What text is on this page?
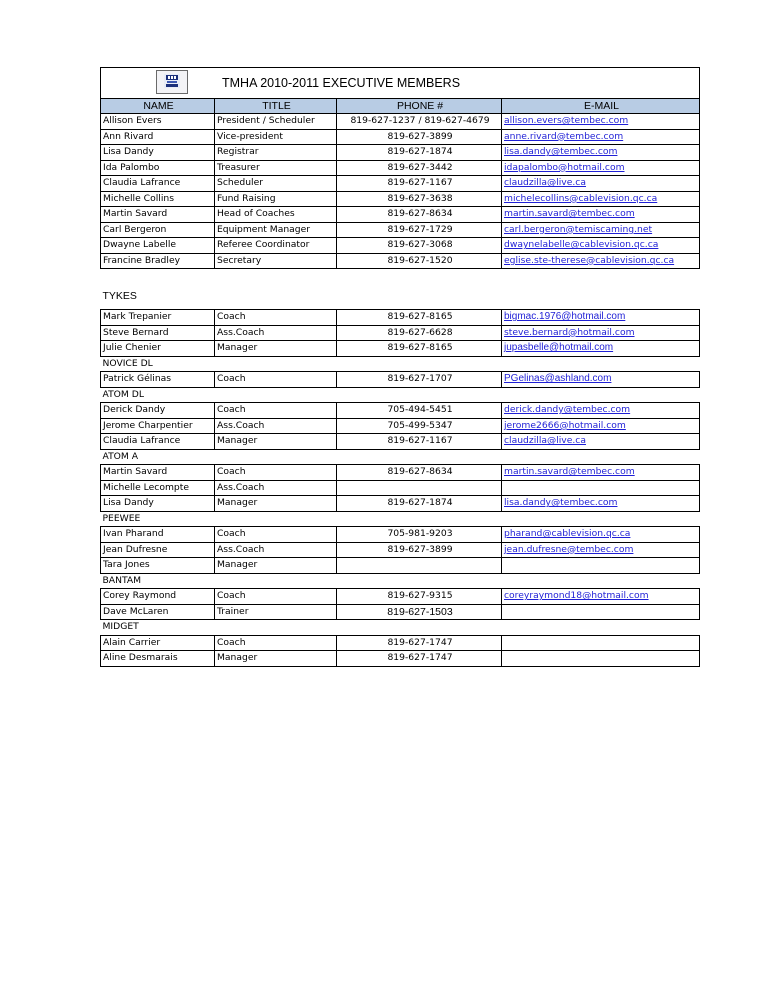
TMHA 2010-2011 EXECUTIVE MEMBERS			
NAME	TITLE	PHONE #	E-MAIL
Allison Evers	President / Scheduler	819-627-1237 / 819-627-4679	allison.evers@tembec.com
Ann Rivard	Vice-president	819-627-3899	anne.rivard@tembec.com
Lisa Dandy	Registrar	819-627-1874	lisa.dandy@tembec.com
Ida Palombo	Treasurer	819-627-3442	idapalombo@hotmail.com
Claudia Lafrance	Scheduler	819-627-1167	claudzilla@live.ca
Michelle Collins	Fund Raising	819-627-3638	michelecollins@cablevision.qc.ca
Martin Savard	Head of Coaches	819-627-8634	martin.savard@tembec.com
Carl Bergeron	Equipment Manager	819-627-1729	carl.bergeron@temiscaming.net
Dwayne Labelle	Referee Coordinator	819-627-3068	dwaynelabelle@cablevision.qc.ca
Francine Bradley	Secretary	819-627-1520	eglise.ste-therese@cablevision.qc.ca

TYKES			
Mark Trepanier	Coach	819-627-8165	bigmac.1976@hotmail.com
Steve Bernard	Ass.Coach	819-627-6628	steve.bernard@hotmail.com
Julie Chenier	Manager	819-627-8165	jupasbelle@hotmail.com
NOVICE DL			
Patrick Gélinas	Coach	819-627-1707	PGelinas@ashland.com
ATOM DL			
Derick Dandy	Coach	705-494-5451	derick.dandy@tembec.com
Jerome Charpentier	Ass.Coach	705-499-5347	jerome2666@hotmail.com
Claudia Lafrance	Manager	819-627-1167	claudzilla@live.ca
ATOM A			
Martin Savard	Coach	819-627-8634	martin.savard@tembec.com
Michelle Lecompte	Ass.Coach		
Lisa Dandy	Manager	819-627-1874	lisa.dandy@tembec.com
PEEWEE			
Ivan Pharand	Coach	705-981-9203	pharand@cablevision.qc.ca
Jean Dufresne	Ass.Coach	819-627-3899	jean.dufresne@tembec.com
Tara Jones	Manager		
BANTAM			
Corey Raymond	Coach	819-627-9315	coreyraymond18@hotmail.com
Dave McLaren	Trainer	819-627-1503	
MIDGET			
Alain Carrier	Coach	819-627-1747	
Aline Desmarais	Manager	819-627-1747	
